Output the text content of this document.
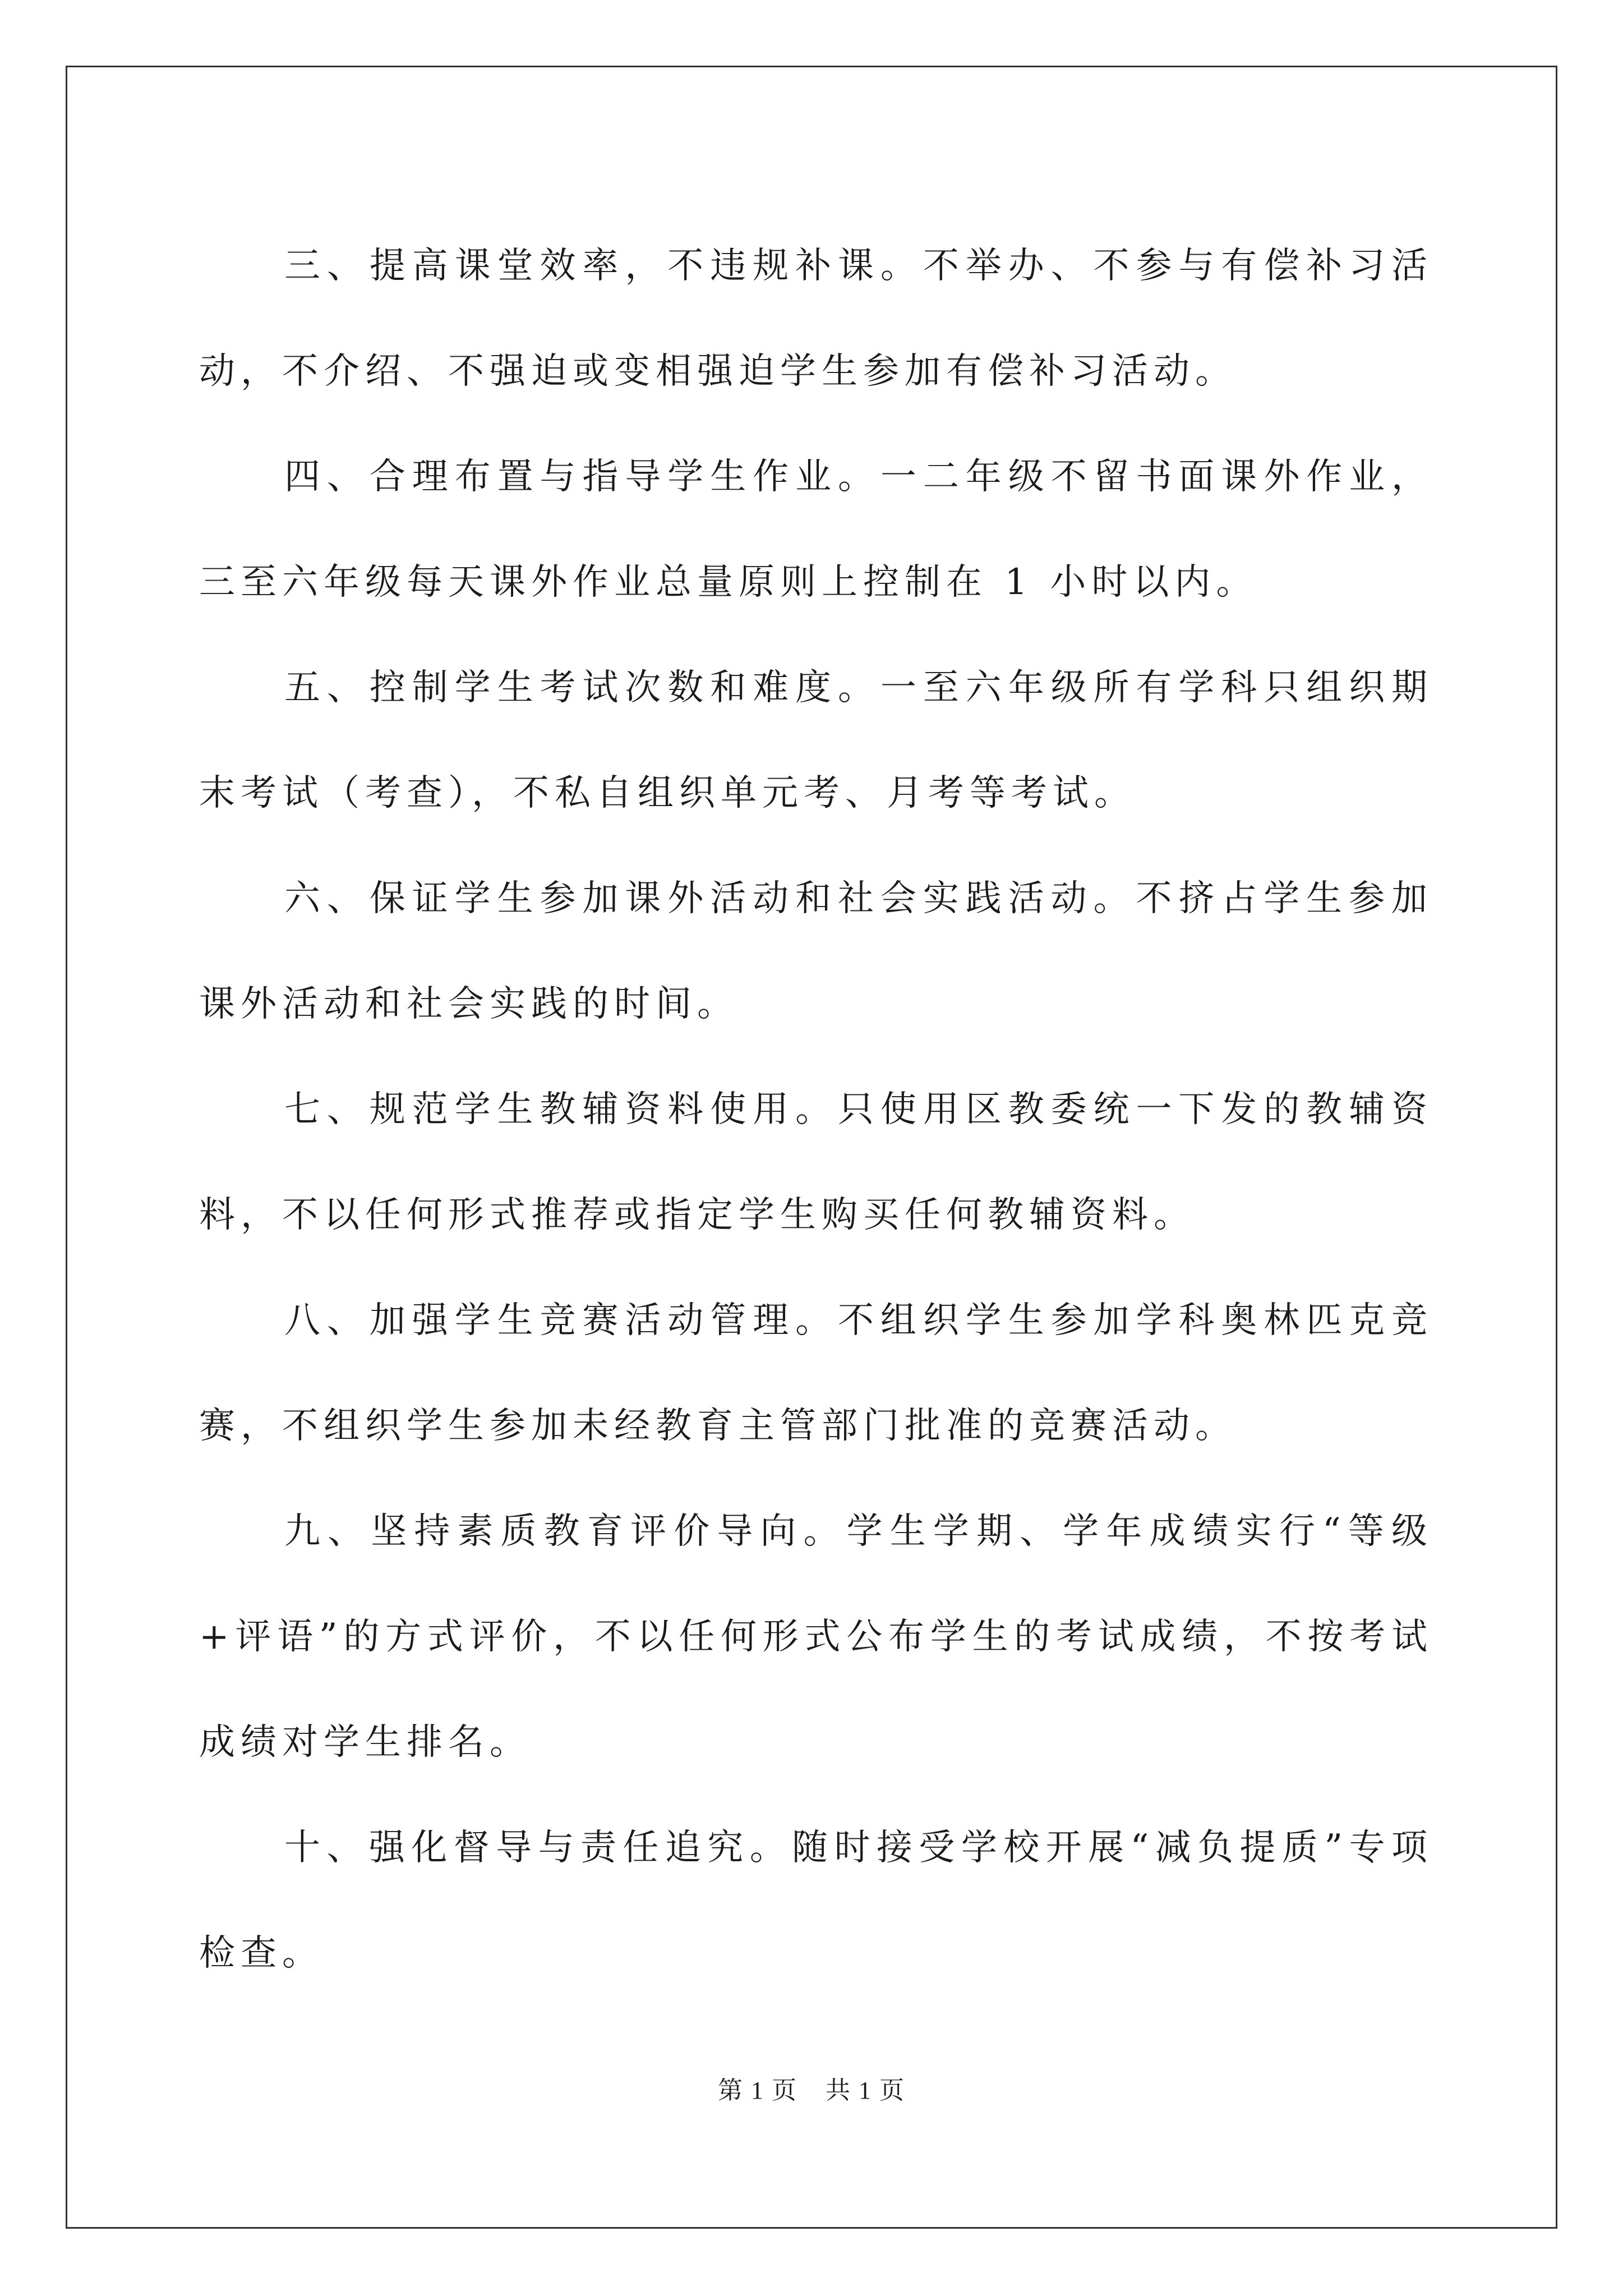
三、提高课堂效率，不违规补课。不举办、不参与有偿补习活动，不介绍、不强迫或变相强迫学生参加有偿补习活动。

四、合理布置与指导学生作业。一二年级不留书面课外作业，三至六年级每天课外作业总量原则上控制在 1 小时以内。

五、控制学生考试次数和难度。一至六年级所有学科只组织期末考试（考查），不私自组织单元考、月考等考试。

六、保证学生参加课外活动和社会实践活动。不挤占学生参加课外活动和社会实践的时间。

七、规范学生教辅资料使用。只使用区教委统一下发的教辅资料，不以任何形式推荐或指定学生购买任何教辅资料。

八、加强学生竞赛活动管理。不组织学生参加学科奥林匹克竞赛，不组织学生参加未经教育主管部门批准的竞赛活动。

九、坚持素质教育评价导向。学生学期、学年成绩实行“等级+评语”的方式评价，不以任何形式公布学生的考试成绩，不按考试成绩对学生排名。

十、强化督导与责任追究。随时接受学校开展“减负提质”专项检查。

第 1 页 共 1 页
